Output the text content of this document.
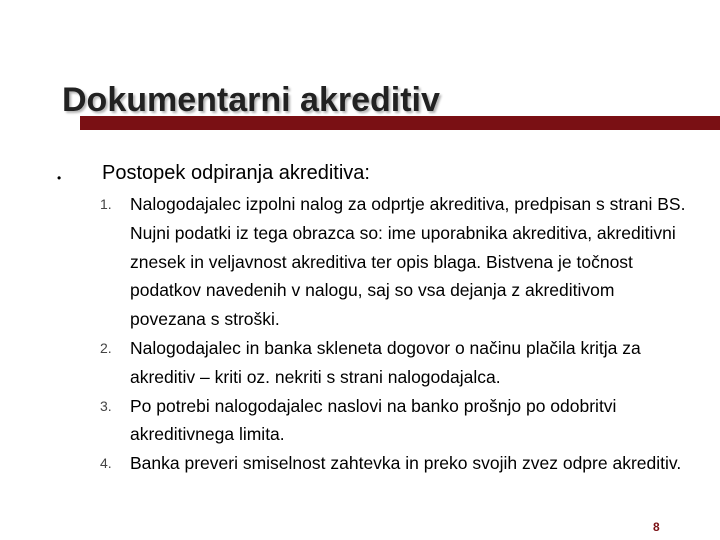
Dokumentarni akreditiv
• Postopek odpiranja akreditiva:
1.	Nalogodajalec izpolni nalog za odprtje akreditiva, predpisan s strani BS. Nujni podatki iz tega obrazca so: ime uporabnika akreditiva, akreditivni znesek in veljavnost akreditiva ter opis blaga. Bistvena je točnost podatkov navedenih v nalogu, saj so vsa dejanja z akreditivom povezana s stroški.
2.	Nalogodajalec in banka skleneta dogovor o načinu plačila kritja za akreditiv – kriti oz. nekriti s strani nalogodajalca.
3.	Po potrebi nalogodajalec naslovi na banko prošnjo po odobritvi akreditivnega limita.
4.	Banka preveri smiselnost zahtevka in preko svojih zvez odpre akreditiv.
8
